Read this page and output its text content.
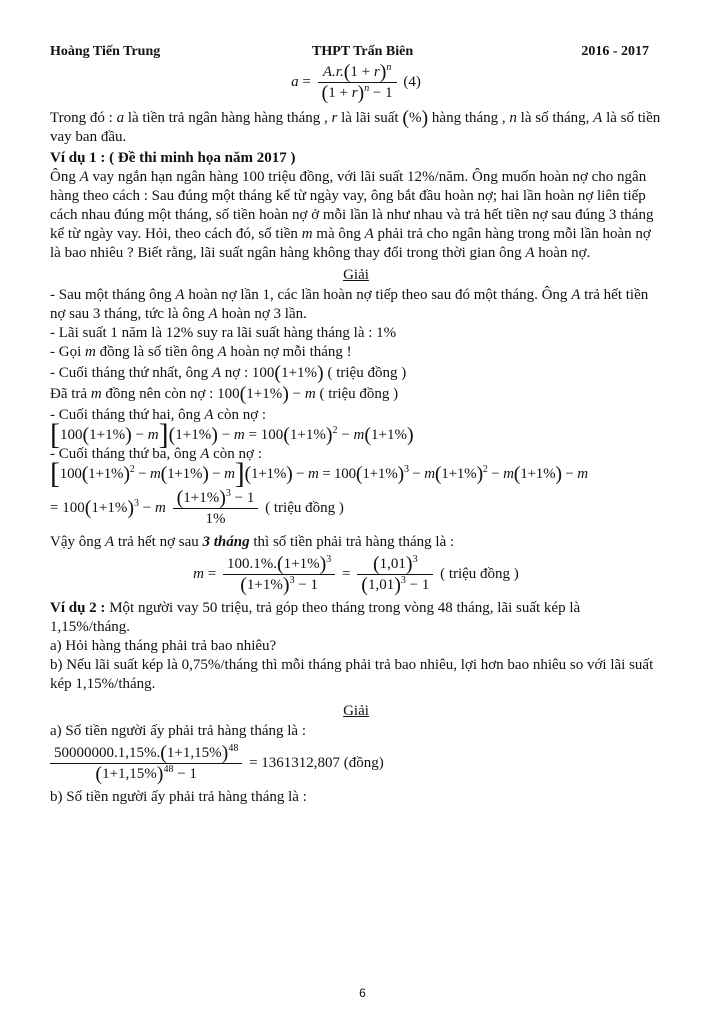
Hoàng Tiến Trung	THPT Trấn Biên	2016 - 2017
$a = \frac{A.r.(1 + r)^n}{(1 + r)^n - 1} (4)$

Trong đó : a là tiền trả ngân hàng hàng tháng , r là lãi suất (%) hàng tháng , n là số tháng, A là số tiền vay ban đầu.

Ví dụ 1 : ( Đề thi minh họa năm 2017 )

Ông A vay ngắn hạn ngân hàng 100 triệu đồng, với lãi suất 12%/năm. Ông muốn hoàn nợ cho ngân hàng theo cách : Sau đúng một tháng kể từ ngày vay, ông bắt đầu hoàn nợ; hai lần hoàn nợ liên tiếp cách nhau đúng một tháng, số tiền hoàn nợ ở mỗi lần là như nhau và trả hết tiền nợ sau đúng 3 tháng kể từ ngày vay. Hỏi, theo cách đó, số tiền m mà ông A phải trả cho ngân hàng trong mỗi lần hoàn nợ là bao nhiêu ? Biết rằng, lãi suất ngân hàng không thay đổi trong thời gian ông A hoàn nợ.

Giải

- Sau một tháng ông A hoàn nợ lần 1, các lần hoàn nợ tiếp theo sau đó một tháng. Ông A trả hết tiền nợ sau 3 tháng, tức là ông A hoàn nợ 3 lần.

- Lãi suất 1 năm là 12% suy ra lãi suất hàng tháng là : 1%

- Gọi m đồng là số tiền ông A hoàn nợ mỗi tháng !

- Cuối tháng thứ nhất, ông A nợ : 100(1+1%) ( triệu đồng )

Đã trả m đồng nên còn nợ : 100(1+1%) − m ( triệu đồng )

- Cuối tháng thứ hai, ông A còn nợ :

$[100(1+1\%) - m](1+1\%) - m = 100(1+1\%)^2 - m(1+1\%)$

- Cuối tháng thứ ba, ông A còn nợ :

$[100(1+1\%)^2 - m(1+1\%) - m](1+1\%) - m = 100(1+1\%)^3 - m(1+1\%)^2 - m(1+1\%) - m$

= $100(1+1\%)^3 - m \frac{(1+1\%)^3 - 1}{1\%}$ ( triệu đồng )

Vậy ông A trả hết nợ sau 3 tháng thì số tiền phải trả hàng tháng là :

$m = \frac{100.1\%.(1+1\%)^3}{(1+1\%)^3 - 1} = \frac{(1,01)^3}{(1,01)^3 - 1}$ ( triệu đồng )

Ví dụ 2 : Một người vay 50 triệu, trả góp theo tháng trong vòng 48 tháng, lãi suất kép là 1,15%/tháng.

a) Hỏi hàng tháng phải trả bao nhiêu?

b) Nếu lãi suất kép là 0,75%/tháng thì mỗi tháng phải trả bao nhiêu, lợi hơn bao nhiêu so với lãi suất kép 1,15%/tháng.

Giải

a) Số tiền người ấy phải trả hàng tháng là :

$\frac{50000000.1,15\%.(1+1,15\%)^{48}}{(1+1,15\%)^{48} - 1} = 1361312,807$ (đồng)

b) Số tiền người ấy phải trả hàng tháng là :

6
